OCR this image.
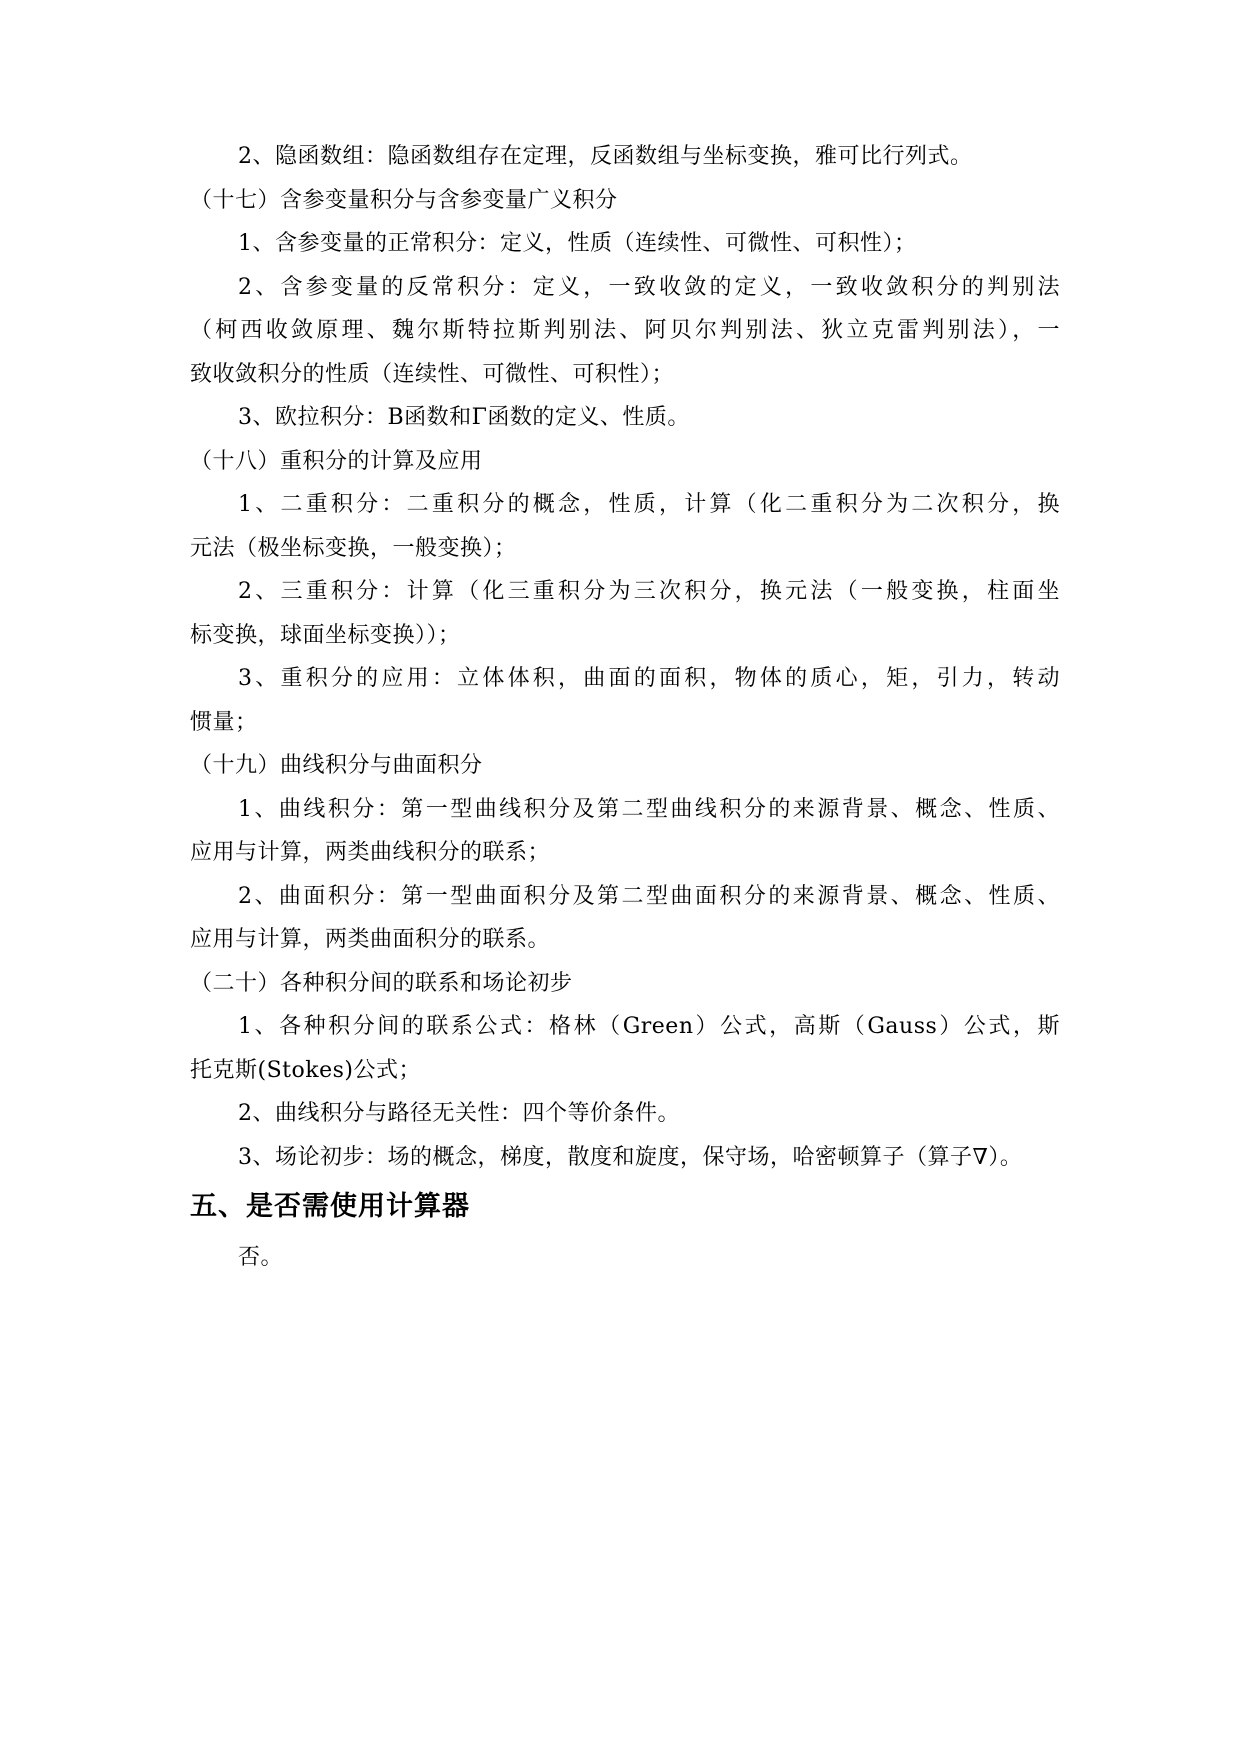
2、隐函数组：隐函数组存在定理，反函数组与坐标变换，雅可比行列式。
（十七）含参变量积分与含参变量广义积分
1、含参变量的正常积分：定义，性质（连续性、可微性、可积性）；
2、含参变量的反常积分：定义，一致收敛的定义，一致收敛积分的判别法
（柯西收敛原理、魏尔斯特拉斯判别法、阿贝尔判别法、狄立克雷判别法），一
致收敛积分的性质（连续性、可微性、可积性）；
3、欧拉积分：Β函数和Γ函数的定义、性质。
（十八）重积分的计算及应用
1、二重积分：二重积分的概念，性质，计算（化二重积分为二次积分，换
元法（极坐标变换，一般变换）；
2、三重积分：计算（化三重积分为三次积分，换元法（一般变换，柱面坐
标变换，球面坐标变换））；
3、重积分的应用：立体体积，曲面的面积，物体的质心，矩，引力，转动
惯量；
（十九）曲线积分与曲面积分
1、曲线积分：第一型曲线积分及第二型曲线积分的来源背景、概念、性质、
应用与计算，两类曲线积分的联系；
2、曲面积分：第一型曲面积分及第二型曲面积分的来源背景、概念、性质、
应用与计算，两类曲面积分的联系。
（二十）各种积分间的联系和场论初步
1、各种积分间的联系公式：格林（Green）公式，高斯（Gauss）公式，斯
托克斯(Stokes)公式；
2、曲线积分与路径无关性：四个等价条件。
3、场论初步：场的概念，梯度，散度和旋度，保守场，哈密顿算子（算子∇）。
五、是否需使用计算器
否。
